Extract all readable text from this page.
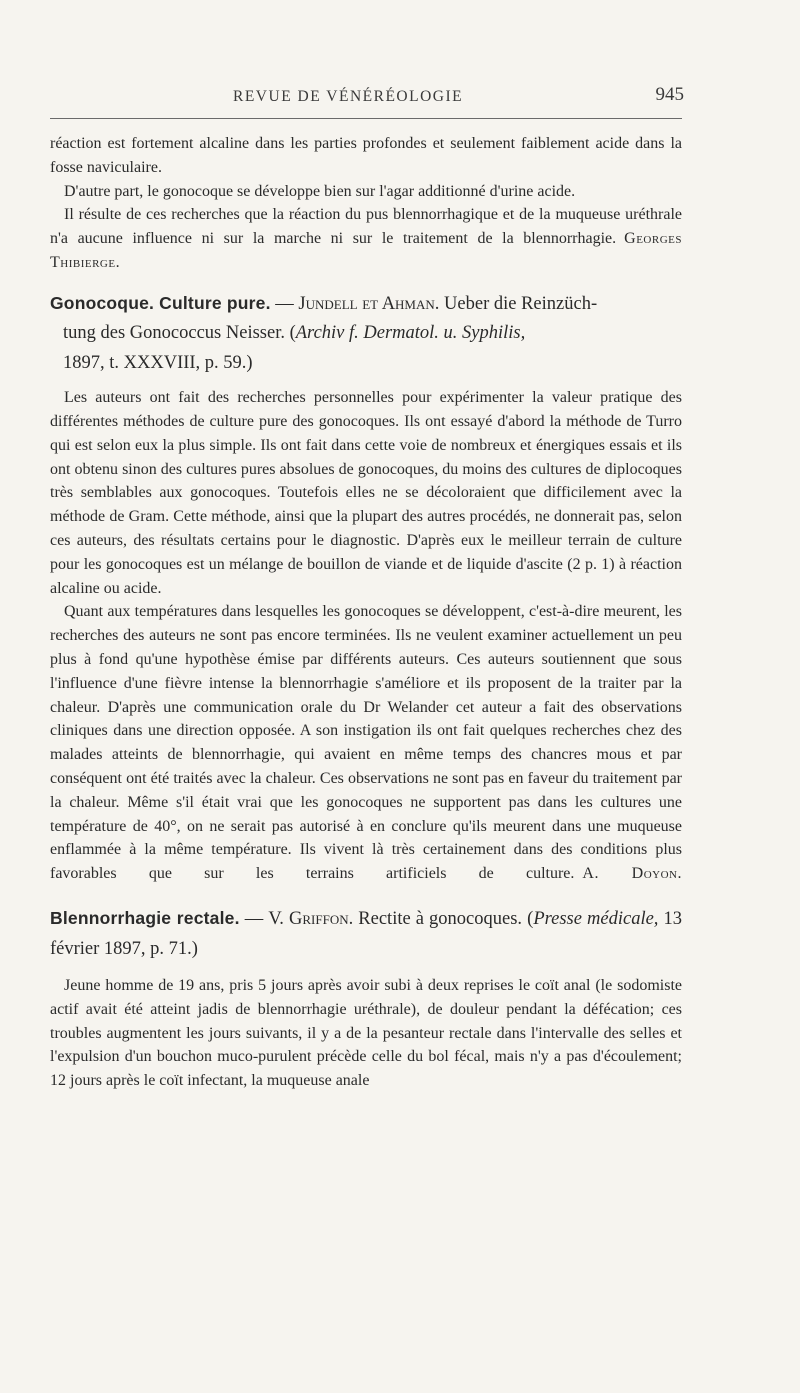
REVUE DE VÉNÉRÉOLOGIE	945

réaction est fortement alcaline dans les parties profondes et seulement faiblement acide dans la fosse naviculaire.

D'autre part, le gonocoque se développe bien sur l'agar additionné d'urine acide.

Il résulte de ces recherches que la réaction du pus blennorrhagique et de la muqueuse uréthrale n'a aucune influence ni sur la marche ni sur le traitement de la blennorrhagie. Georges Thibierge.

Gonocoque. Culture pure. — Jundell et Ahman. Ueber die Reinzüch-

tung des Gonococcus Neisser. (Archiv f. Dermatol. u. Syphilis,

1897, t. XXXVIII, p. 59.)

Les auteurs ont fait des recherches personnelles pour expérimenter la valeur pratique des différentes méthodes de culture pure des gonocoques. Ils ont essayé d'abord la méthode de Turro qui est selon eux la plus simple. Ils ont fait dans cette voie de nombreux et énergiques essais et ils ont obtenu sinon des cultures pures absolues de gonocoques, du moins des cultures de diplocoques très semblables aux gonocoques. Toutefois elles ne se décoloraient que difficilement avec la méthode de Gram. Cette méthode, ainsi que la plupart des autres procédés, ne donnerait pas, selon ces auteurs, des résultats certains pour le diagnostic. D'après eux le meilleur terrain de culture pour les gonocoques est un mélange de bouillon de viande et de liquide d'ascite (2 p. 1) à réaction alcaline ou acide.

Quant aux températures dans lesquelles les gonocoques se développent, c'est-à-dire meurent, les recherches des auteurs ne sont pas encore terminées. Ils ne veulent examiner actuellement un peu plus à fond qu'une hypothèse émise par différents auteurs. Ces auteurs soutiennent que sous l'influence d'une fièvre intense la blennorrhagie s'améliore et ils proposent de la traiter par la chaleur. D'après une communication orale du Dr Welander cet auteur a fait des observations cliniques dans une direction opposée. A son instigation ils ont fait quelques recherches chez des malades atteints de blennorrhagie, qui avaient en même temps des chancres mous et par conséquent ont été traités avec la chaleur. Ces observations ne sont pas en faveur du traitement par la chaleur. Même s'il était vrai que les gonocoques ne supportent pas dans les cultures une température de 40°, on ne serait pas autorisé à en conclure qu'ils meurent dans une muqueuse enflammée à la même température. Ils vivent là très certainement dans des conditions plus favorables que sur les terrains artificiels de culture. A. Doyon.

Blennorrhagie rectale. — V. Griffon. Rectite à gonocoques. (Presse médicale, 13 février 1897, p. 71.)

Jeune homme de 19 ans, pris 5 jours après avoir subi à deux reprises le coït anal (le sodomiste actif avait été atteint jadis de blennorrhagie uréthrale), de douleur pendant la défécation; ces troubles augmentent les jours suivants, il y a de la pesanteur rectale dans l'intervalle des selles et l'expulsion d'un bouchon muco-purulent précède celle du bol fécal, mais n'y a pas d'écoulement; 12 jours après le coït infectant, la muqueuse anale
